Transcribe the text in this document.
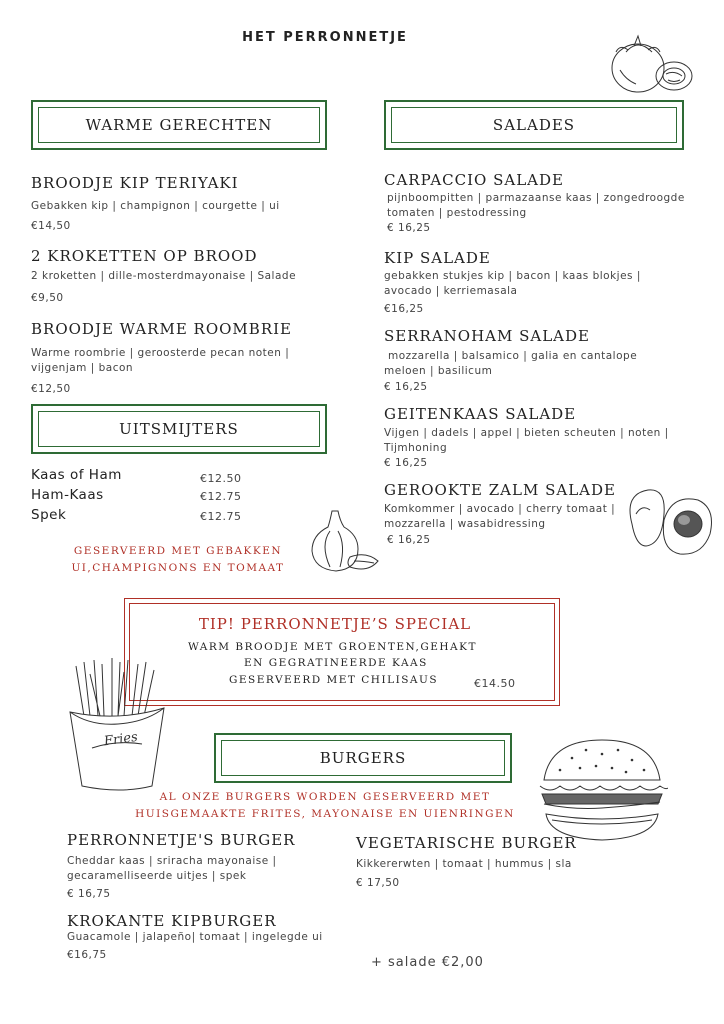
HET PERRONNETJE
WARME GERECHTEN	SALADES
BROODJE KIP TERIYAKI
Gebakken kip | champignon | courgette | ui
€14,50
2 KROKETTEN OP BROOD
2 kroketten | dille-mosterdmayonaise | Salade
€9,50
BROODJE WARME ROOMBRIE
Warme roombrie | geroosterde pecan noten | vijgenjam | bacon
€12,50
UITSMIJTERS
Kaas of Ham	€12.50
Ham-Kaas	€12.75
Spek	€12.75
GESERVEERD MET GEBAKKEN
UI,CHAMPIGNONS EN TOMAAT
CARPACCIO SALADE
pijnboompitten | parmazaanse kaas | zongedroogde tomaten | pestodressing
€ 16,25
KIP SALADE
gebakken stukjes kip | bacon | kaas blokjes | avocado | kerriemasala
€16,25
SERRANOHAM SALADE
mozzarella | balsamico | galia en cantalope meloen | basilicum
€ 16,25
GEITENKAAS SALADE
Vijgen | dadels | appel | bieten scheuten | noten | Tijmhoning
€ 16,25
GEROOKTE ZALM SALADE
Komkommer | avocado | cherry tomaat | mozzarella | wasabidressing
€ 16,25
TIP! PERRONNETJE’S SPECIAL
WARM BROODJE MET GROENTEN,GEHAKT
EN GEGRATINEERDE KAAS
GESERVEERD MET CHILISAUS	€14.50
Fries
BURGERS
AL ONZE BURGERS WORDEN GESERVEERD MET
HUISGEMAAKTE FRITES, MAYONAISE EN UIENRINGEN
PERRONNETJE'S BURGER
Cheddar kaas | sriracha mayonaise | gecaramelliseerde uitjes | spek
€ 16,75
VEGETARISCHE BURGER
Kikkererwten | tomaat | hummus | sla
€ 17,50
KROKANTE KIPBURGER
Guacamole | jalapeño| tomaat | ingelegde ui
€16,75	+ salade €2,00
